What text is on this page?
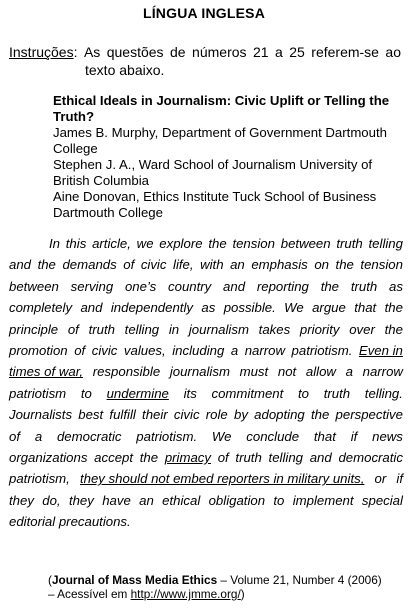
LÍNGUA INGLESA
Instruções: As questões de números 21 a 25 referem-se ao
texto abaixo.

Ethical Ideals in Journalism: Civic Uplift or Telling the Truth?

James B. Murphy, Department of Government Dartmouth College

Stephen J. A., Ward School of Journalism University of British Columbia

Aine Donovan, Ethics Institute Tuck School of Business Dartmouth College

In this article, we explore the tension between truth telling
and the demands of civic life, with an emphasis on the tension
between serving one’s country and reporting the truth as
completely and independently as possible. We argue that the
principle of truth telling in journalism takes priority over the
promotion of civic values, including a narrow patriotism. Even in
times of war, responsible journalism must not allow a narrow
patriotism to undermine its commitment to truth telling.
Journalists best fulfill their civic role by adopting the perspective
of a democratic patriotism. We conclude that if news
organizations accept the primacy of truth telling and democratic
patriotism, they should not embed reporters in military units, or if
they do, they have an ethical obligation to implement special
editorial precautions.
(Journal of Mass Media Ethics – Volume 21, Number 4 (2006)
– Acessível em http://www.jmme.org/)
